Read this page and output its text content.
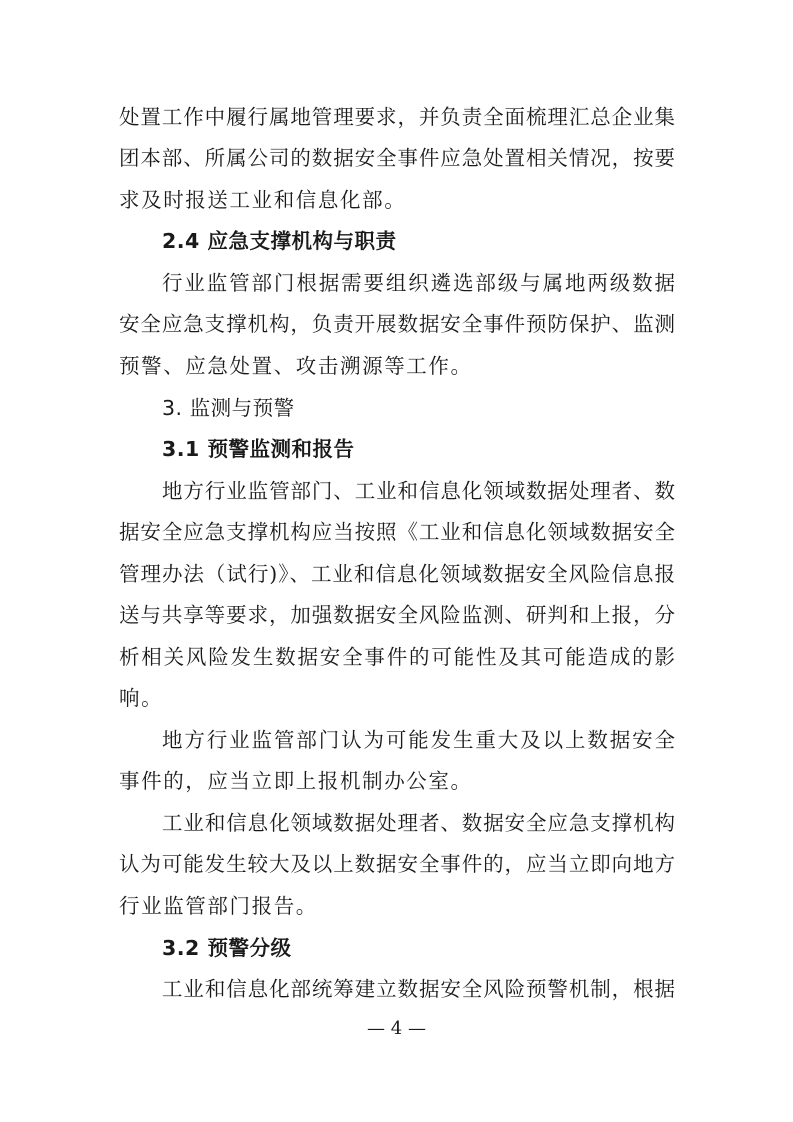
处置工作中履行属地管理要求，并负责全面梳理汇总企业集
团本部、所属公司的数据安全事件应急处置相关情况，按要
求及时报送工业和信息化部。
2.4 应急支撑机构与职责
行业监管部门根据需要组织遴选部级与属地两级数据
安全应急支撑机构，负责开展数据安全事件预防保护、监测
预警、应急处置、攻击溯源等工作。
3. 监测与预警
3.1 预警监测和报告
地方行业监管部门、工业和信息化领域数据处理者、数
据安全应急支撑机构应当按照《工业和信息化领域数据安全
管理办法（试行)》、工业和信息化领域数据安全风险信息报
送与共享等要求，加强数据安全风险监测、研判和上报，分
析相关风险发生数据安全事件的可能性及其可能造成的影
响。
地方行业监管部门认为可能发生重大及以上数据安全
事件的，应当立即上报机制办公室。
工业和信息化领域数据处理者、数据安全应急支撑机构
认为可能发生较大及以上数据安全事件的，应当立即向地方
行业监管部门报告。
3.2 预警分级
工业和信息化部统筹建立数据安全风险预警机制，根据
— 4 —
